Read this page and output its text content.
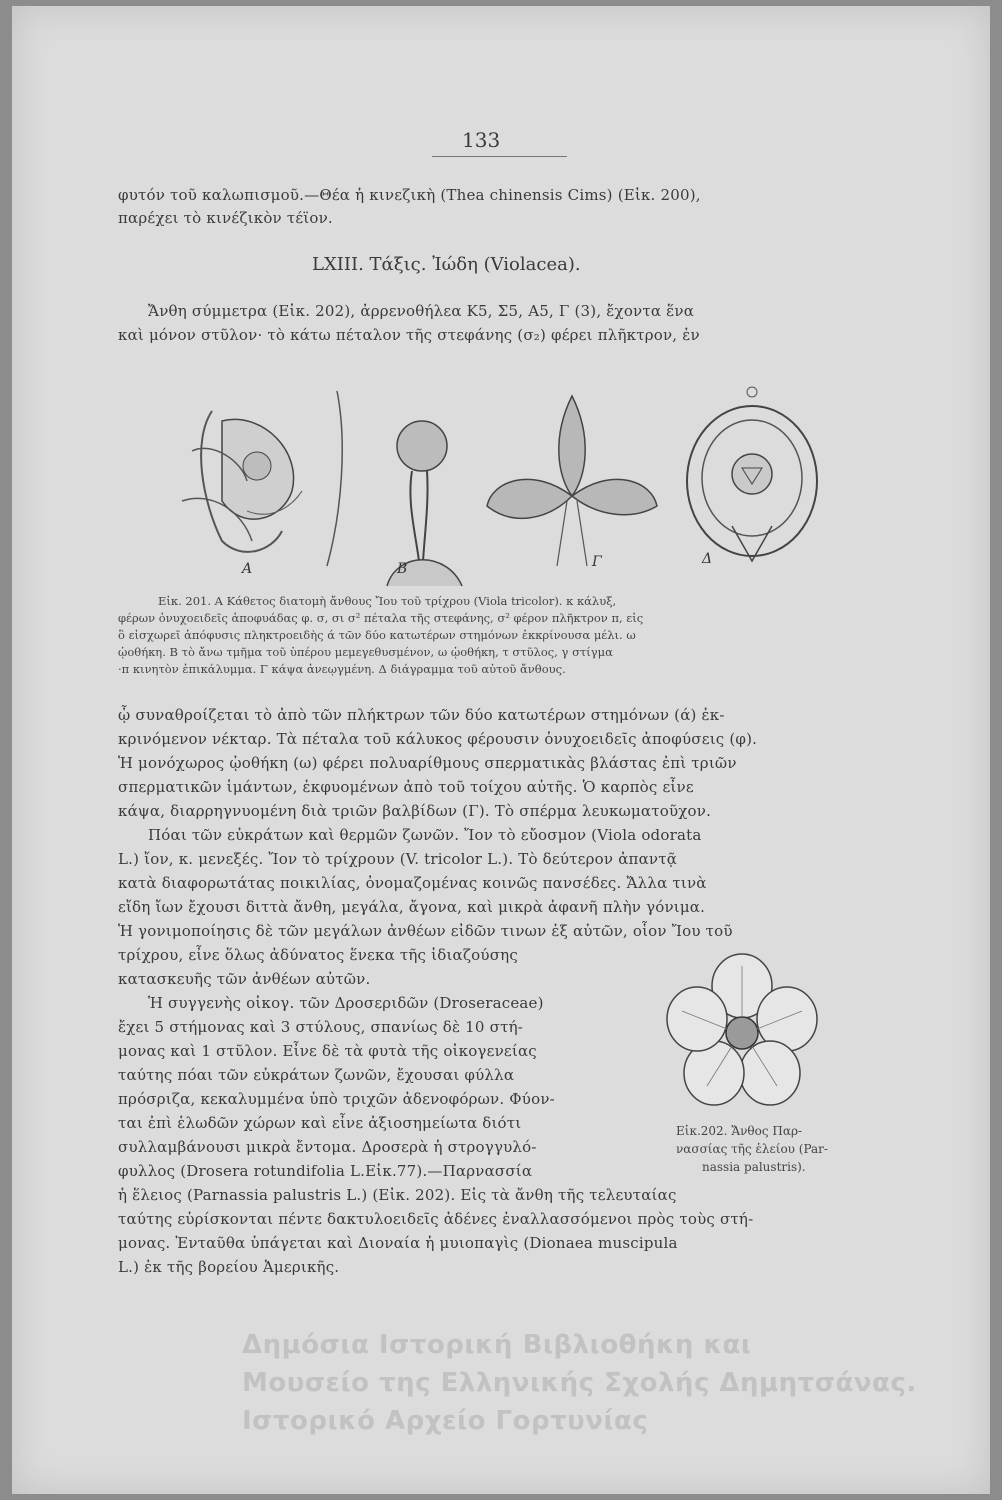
133
φυτόν τοῦ καλωπισμοῦ.—Θέα ἡ κινεζικὴ (Thea chinensis Cims) (Εἰκ. 200),
παρέχει τὸ κινέζικὸν τέϊον.
LXIII. Τάξις. Ἰώδη (Violacea).
Ἄνθη σύμμετρα (Εἰκ. 202), ἀρρενοθήλεα Κ5, Σ5, Α5, Γ (3), ἔχοντα ἕνα
καὶ μόνον στῦλον· τὸ κάτω πέταλον τῆς στεφάνης (σ₂) φέρει πλῆκτρον, ἐν
Α	Β	Γ	Δ
Εἰκ. 201. Α Κάθετος διατομὴ ἄνθους Ἴου τοῦ τρίχρου (Viola tricolor). κ κάλυξ,
φέρων ὀνυχοειδεῖς ἀποφυάδας φ. σ, σι σ² πέταλα τῆς στεφάνης, σ² φέρον πλῆκτρον π, εἰς
ὃ εἰσχωρεῖ ἀπόφυσις πληκτροειδὴς ά τῶν δύο κατωτέρων στημόνων ἐκκρίνουσα μέλι. ω
ᾠοθήκη. Β τὸ ἄνω τμῆμα τοῦ ὑπέρου μεμεγεθυσμένον, ω ᾠοθήκη, τ στῦλος, γ στίγμα
·π κινητὸν ἐπικάλυμμα. Γ κάψα ἀνεῳγμένη. Δ διάγραμμα τοῦ αὐτοῦ ἄνθους.
ᾧ συναθροίζεται τὸ ἀπὸ τῶν πλήκτρων τῶν δύο κατωτέρων στημόνων (ά) ἐκ-
κρινόμενον νέκταρ. Τὰ πέταλα τοῦ κάλυκος φέρουσιν ὀνυχοειδεῖς ἀποφύσεις (φ).
Ἡ μονόχωρος ᾠοθήκη (ω) φέρει πολυαρίθμους σπερματικὰς βλάστας ἐπὶ τριῶν
σπερματικῶν ἱμάντων, ἐκφυομένων ἀπὸ τοῦ τοίχου αὐτῆς. Ὁ καρπὸς εἶνε
κάψα, διαρρηγνυομένη διὰ τριῶν βαλβίδων (Γ). Τὸ σπέρμα λευκωματοῦχον.
Πόαι τῶν εὐκράτων καὶ θερμῶν ζωνῶν. Ἴον τὸ εὔοσμον (Viola odorata
L.) ἴον, κ. μενεξές. Ἴον τὸ τρίχρουν (V. tricolor L.). Τὸ δεύτερον ἀπαντᾷ
κατὰ διαφορωτάτας ποικιλίας, ὀνομαζομένας κοινῶς πανσέδες. Ἄλλα τινὰ
εἴδη ἴων ἔχουσι διττὰ ἄνθη, μεγάλα, ἄγονα, καὶ μικρὰ ἀφανῆ πλὴν γόνιμα.
Ἡ γονιμοποίησις δὲ τῶν μεγάλων ἀνθέων εἰδῶν τινων ἐξ αὐτῶν, οἷον Ἴου τοῦ
τρίχρου, εἶνε ὅλως ἀδύνατος ἕνεκα τῆς ἰδιαζούσης
κατασκευῆς τῶν ἀνθέων αὐτῶν.
Ἡ συγγενὴς οἰκογ. τῶν Δροσεριδῶν (Droseraceae)
ἔχει 5 στήμονας καὶ 3 στύλους, σπανίως δὲ 10 στή-
μονας καὶ 1 στῦλον. Εἶνε δὲ τὰ φυτὰ τῆς οἰκογενείας
ταύτης πόαι τῶν εὐκράτων ζωνῶν, ἔχουσαι φύλλα
πρόσριζα, κεκαλυμμένα ὑπὸ τριχῶν ἀδενοφόρων. Φύον-
ται ἐπὶ ἑλωδῶν χώρων καὶ εἶνε ἀξιοσημείωτα διότι
συλλαμβάνουσι μικρὰ ἔντομα. Δροσερὰ ἡ στρογγυλό-
φυλλος (Drosera rotundifolia L.Εἰκ.77).—Παρνασσία
Εἰκ.202. Ἄνθος Παρ-
νασσίας τῆς ἑλείου (Par-
nassia palustris).
ἡ ἕλειος (Parnassia palustris L.) (Εἰκ. 202). Εἰς τὰ ἄνθη τῆς τελευταίας
ταύτης εὑρίσκονται πέντε δακτυλοειδεῖς ἀδένες ἐναλλασσόμενοι πρὸς τοὺς στή-
μονας. Ἐνταῦθα ὑπάγεται καὶ Διοναία ἡ μυιοπαγὶς (Dionaea muscipula
L.) ἐκ τῆς βορείου Ἀμερικῆς.
Δημόσια Ιστορική Βιβλιοθήκη και
Μουσείο της Ελληνικής Σχολής Δημητσάνας.
Ιστορικό Αρχείο Γορτυνίας
